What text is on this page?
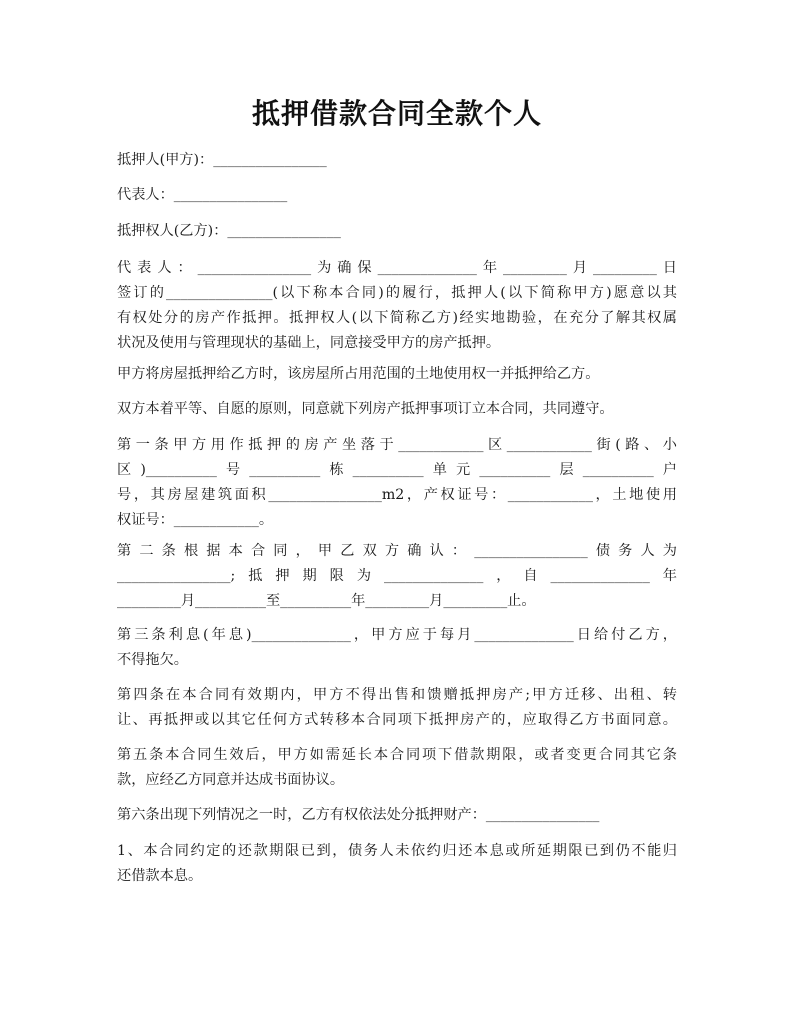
抵押借款合同全款个人
抵押人(甲方)：________________
代表人：________________
抵押权人(乙方)：________________
代表人：________________为确保______________年_________月_________日
签订的_______________(以下称本合同)的履行，抵押人(以下简称甲方)愿意以其
有权处分的房产作抵押。抵押权人(以下简称乙方)经实地勘验，在充分了解其权属
状况及使用与管理现状的基础上，同意接受甲方的房产抵押。
甲方将房屋抵押给乙方时，该房屋所占用范围的土地使用权一并抵押给乙方。
双方本着平等、自愿的原则，同意就下列房产抵押事项订立本合同，共同遵守。
第一条甲方用作抵押的房产坐落于____________区____________街(路、小
区)__________号__________栋__________单元__________层__________户
号，其房屋建筑面积________________m2，产权证号：____________，土地使用
权证号：____________。
第二条根据本合同，甲乙双方确认：________________债务人为
________________;抵押期限为______________，自______________年
_________月__________至__________年_________月_________止。
第三条利息(年息)______________，甲方应于每月______________日给付乙方，
不得拖欠。
第四条在本合同有效期内，甲方不得出售和馈赠抵押房产;甲方迁移、出租、转
让、再抵押或以其它任何方式转移本合同项下抵押房产的，应取得乙方书面同意。
第五条本合同生效后，甲方如需延长本合同项下借款期限，或者变更合同其它条
款，应经乙方同意并达成书面协议。
第六条出现下列情况之一时，乙方有权依法处分抵押财产：________________
1、本合同约定的还款期限已到，债务人未依约归还本息或所延期限已到仍不能归
还借款本息。
